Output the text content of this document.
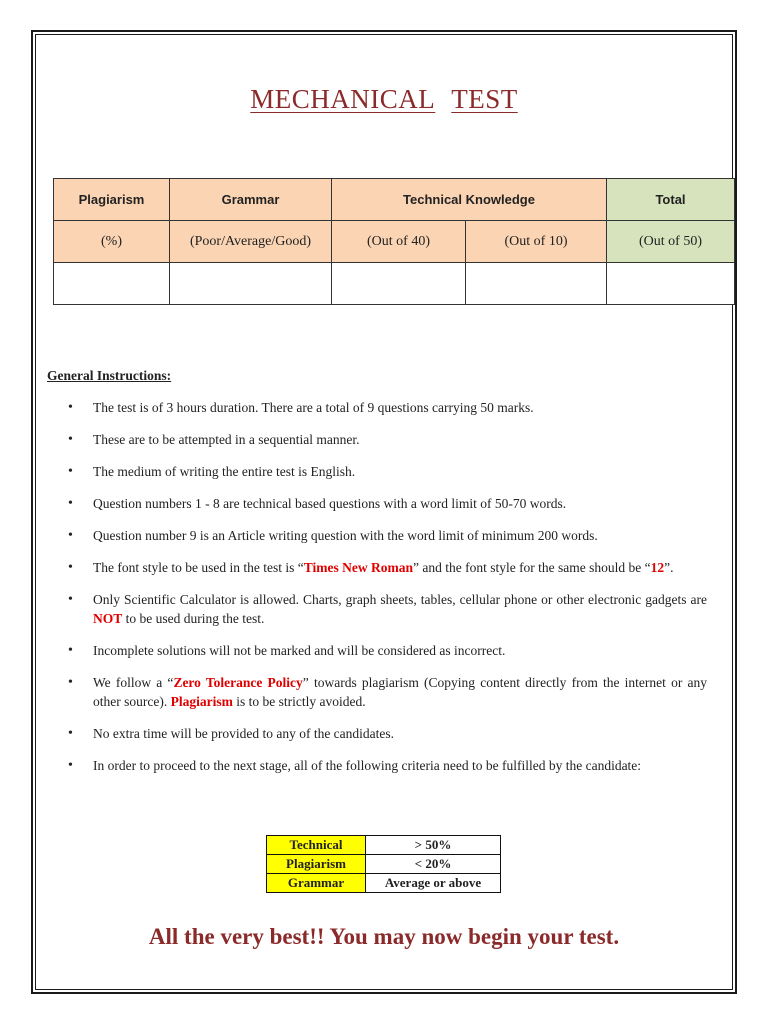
MECHANICAL TEST
Plagiarism	Grammar	Technical Knowledge		Total
(%)	(Poor/Average/Good)	(Out of 40)	(Out of 10)	(Out of 50)

General Instructions:
• The test is of 3 hours duration. There are a total of 9 questions carrying 50 marks.
• These are to be attempted in a sequential manner.
• The medium of writing the entire test is English.
• Question numbers 1 - 8 are technical based questions with a word limit of 50-70 words.
• Question number 9 is an Article writing question with the word limit of minimum 200 words.
• The font style to be used in the test is “Times New Roman” and the font style for the same should be “12”.
• Only Scientific Calculator is allowed. Charts, graph sheets, tables, cellular phone or other electronic gadgets are NOT to be used during the test.
• Incomplete solutions will not be marked and will be considered as incorrect.
• We follow a “Zero Tolerance Policy” towards plagiarism (Copying content directly from the internet or any other source). Plagiarism is to be strictly avoided.
• No extra time will be provided to any of the candidates.
• In order to proceed to the next stage, all of the following criteria need to be fulfilled by the candidate:
Technical	> 50%
Plagiarism	< 20%
Grammar	Average or above
All the very best!! You may now begin your test.
